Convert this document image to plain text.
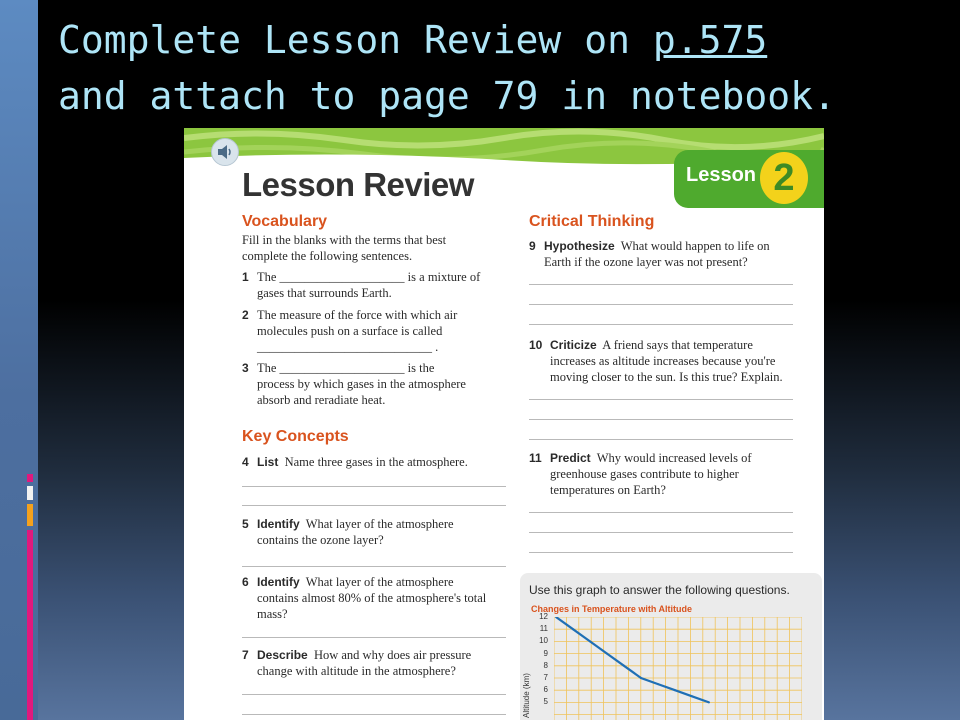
Complete Lesson Review on p.575
and attach to page 79 in notebook.
Lesson 2
Lesson Review
Vocabulary
Fill in the blanks with the terms that best
complete the following sentences.
1 The ____________________ is a mixture of
gases that surrounds Earth.
2 The measure of the force with which air
molecules push on a surface is called
____________________________ .
3 The ____________________ is the
process by which gases in the atmosphere
absorb and reradiate heat.
Key Concepts
4 List Name three gases in the atmosphere.
5 Identify What layer of the atmosphere
contains the ozone layer?
6 Identify What layer of the atmosphere
contains almost 80% of the atmosphere's total
mass?
7 Describe How and why does air pressure
change with altitude in the atmosphere?
Critical Thinking
9 Hypothesize What would happen to life on
Earth if the ozone layer was not present?
10 Criticize A friend says that temperature
increases as altitude increases because you're
moving closer to the sun. Is this true? Explain.
11 Predict Why would increased levels of
greenhouse gases contribute to higher
temperatures on Earth?
Use this graph to answer the following questions.
Changes in Temperature with Altitude
12
11
10
9
8
7
6
5
Altitude (km)
